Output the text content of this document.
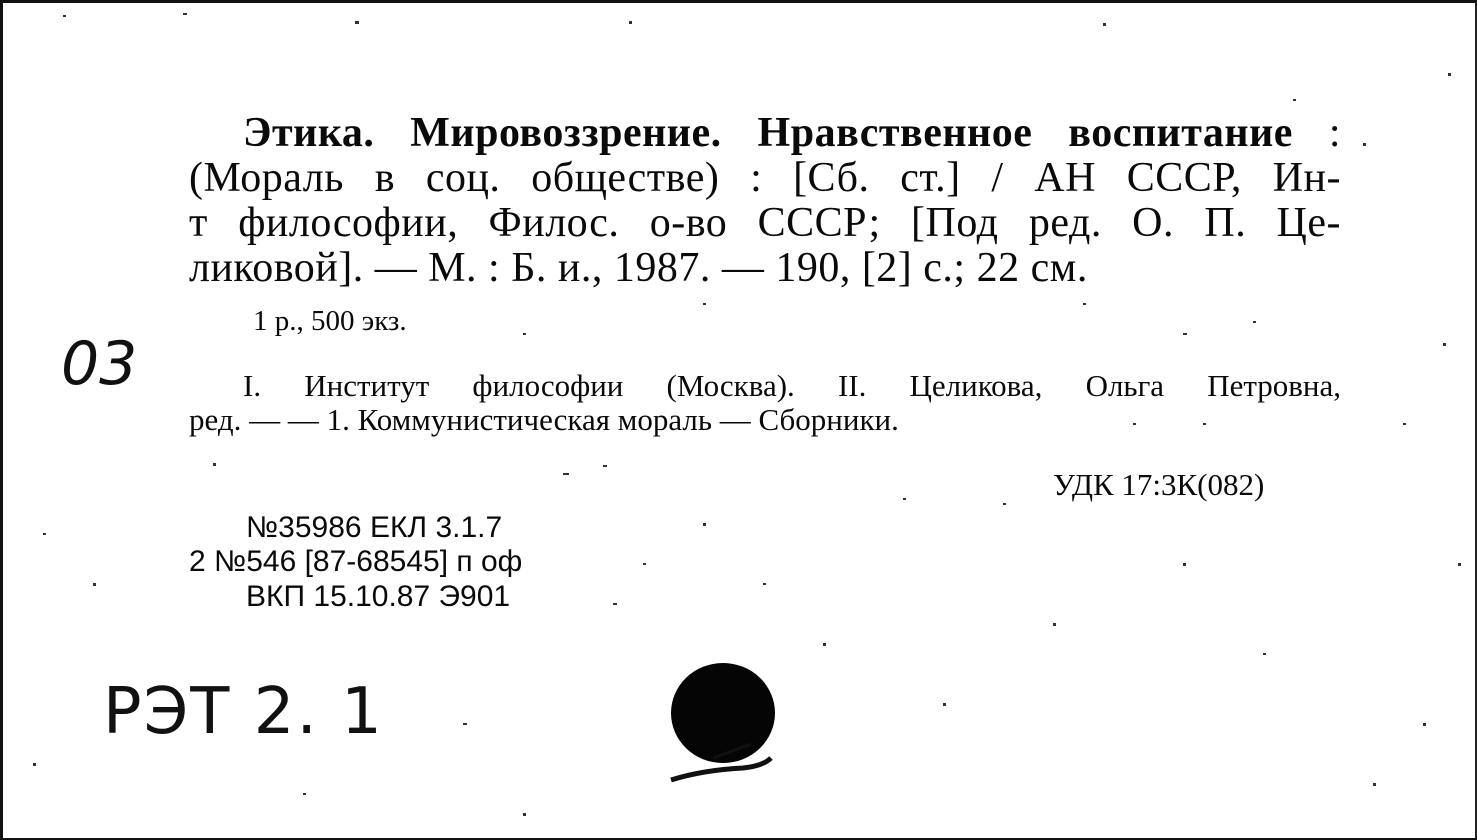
Этика. Мировоззрение. Нравственное воспитание :

(Мораль в соц. обществе) : [Сб. ст.] / АН СССР, Ин-

т философии, Филос. о-во СССР; [Под ред. О. П. Це-

ликовой]. — М. : Б. и., 1987. — 190, [2] с.; 22 см.

1 р., 500 экз.

03	I. Институт философии (Москва). II. Целикова, Ольга Петровна,

ред. — — 1. Коммунистическая мораль — Сборники.

УДК 17:3К(082)

№35986 ЕКЛ 3.1.7

2 №546 [87-68545] п оф

ВКП 15.10.87 Э901

РЭТ 2. 1
